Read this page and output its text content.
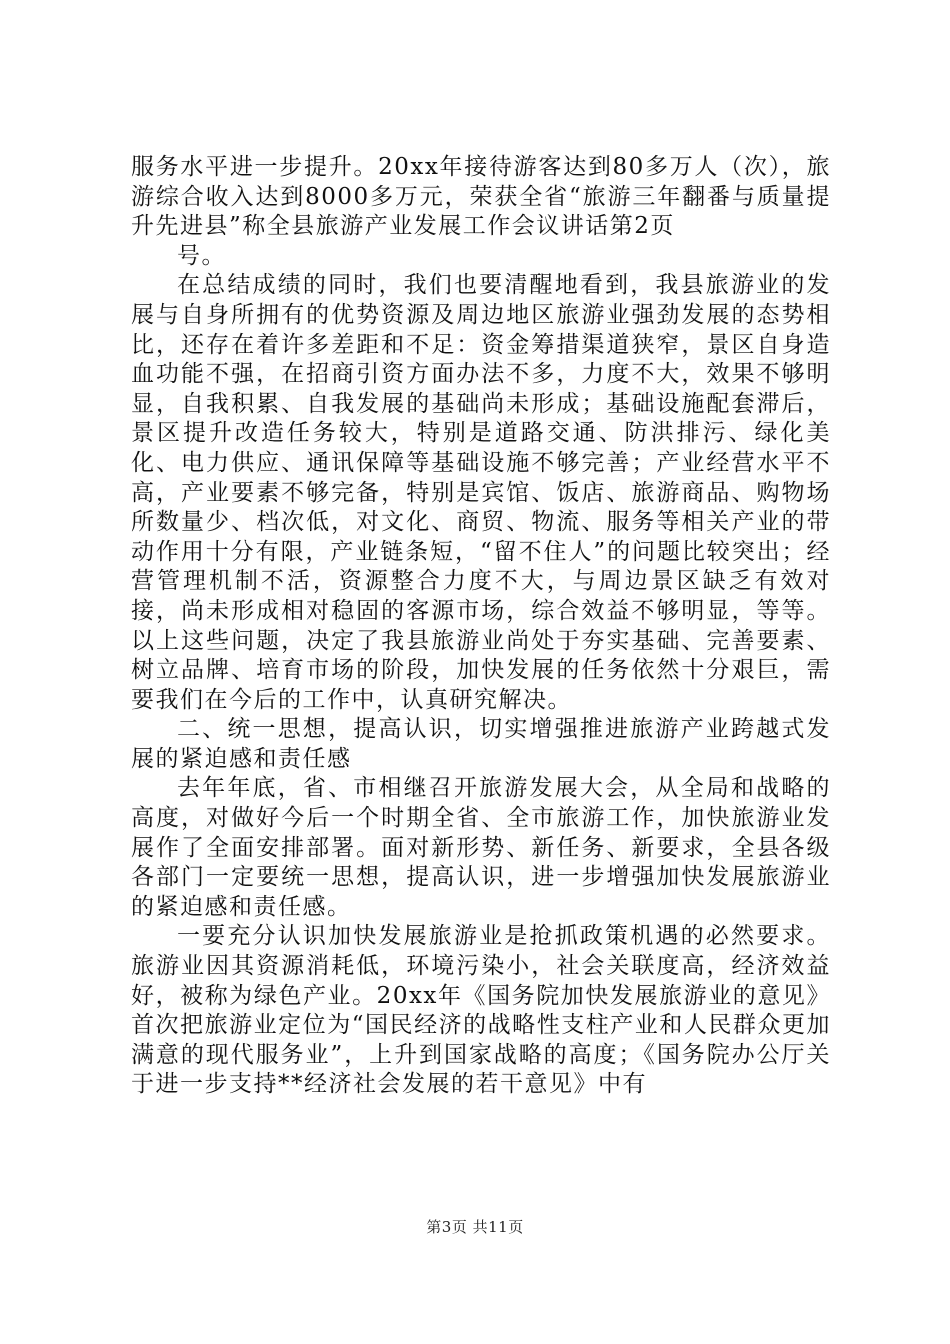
服务水平进一步提升。20xx年接待游客达到80多万人（次），旅游综合收入达到8000多万元，荣获全省“旅游三年翻番与质量提升先进县”称全县旅游产业发展工作会议讲话第2页

号。

在总结成绩的同时，我们也要清醒地看到，我县旅游业的发展与自身所拥有的优势资源及周边地区旅游业强劲发展的态势相比，还存在着许多差距和不足：资金筹措渠道狭窄，景区自身造血功能不强，在招商引资方面办法不多，力度不大，效果不够明显，自我积累、自我发展的基础尚未形成；基础设施配套滞后，景区提升改造任务较大，特别是道路交通、防洪排污、绿化美化、电力供应、通讯保障等基础设施不够完善；产业经营水平不高，产业要素不够完备，特别是宾馆、饭店、旅游商品、购物场所数量少、档次低，对文化、商贸、物流、服务等相关产业的带动作用十分有限，产业链条短，“留不住人”的问题比较突出；经营管理机制不活，资源整合力度不大，与周边景区缺乏有效对接，尚未形成相对稳固的客源市场，综合效益不够明显，等等。以上这些问题，决定了我县旅游业尚处于夯实基础、完善要素、树立品牌、培育市场的阶段，加快发展的任务依然十分艰巨，需要我们在今后的工作中，认真研究解决。

二、统一思想，提高认识，切实增强推进旅游产业跨越式发展的紧迫感和责任感

去年年底，省、市相继召开旅游发展大会，从全局和战略的高度，对做好今后一个时期全省、全市旅游工作，加快旅游业发展作了全面安排部署。面对新形势、新任务、新要求，全县各级各部门一定要统一思想，提高认识，进一步增强加快发展旅游业的紧迫感和责任感。

一要充分认识加快发展旅游业是抢抓政策机遇的必然要求。旅游业因其资源消耗低，环境污染小，社会关联度高，经济效益好，被称为绿色产业。20xx年《国务院加快发展旅游业的意见》首次把旅游业定位为“国民经济的战略性支柱产业和人民群众更加满意的现代服务业”，上升到国家战略的高度；《国务院办公厅关于进一步支持**经济社会发展的若干意见》中有

第3页 共11页
